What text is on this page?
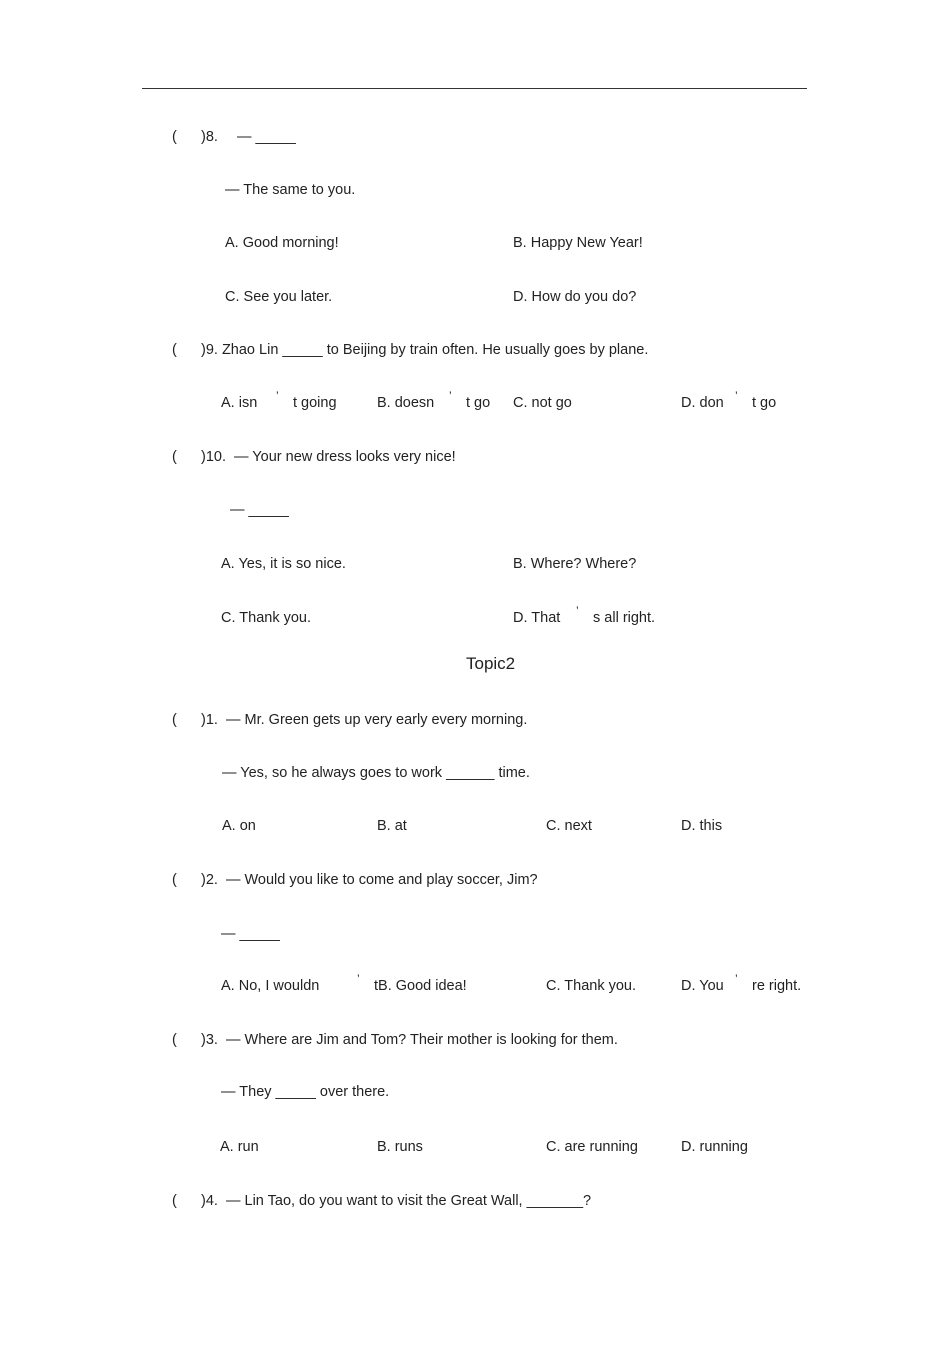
( )8. — _____
— The same to you.
A. Good morning!	B. Happy New Year!
C. See you later.	D. How do you do?
( )9. Zhao Lin _____ to Beijing by train often. He usually goes by plane.
A. isn ’ t going	B. doesn ’ t go C. not go	D. don ’ t go
( )10.  — Your new dress looks very nice!
— _____
A. Yes, it is so nice.	B. Where? Where?
C. Thank you.	D. That ’ s all right.
Topic2
( )1.  — Mr. Green gets up very early every morning.
— Yes, so he always goes to work ______ time.
A. on	B. at	C. next	D. this
( )2.  — Would you like to come and play soccer, Jim?
— _____
A. No, I wouldn	’ tB. Good idea!	C. Thank you.	D. You ’ re right.
( )3.  — Where are Jim and Tom? Their mother is looking for them.
— They _____ over there.
A. run	B. runs	C. are running	D. running
( )4.  — Lin Tao, do you want to visit the Great Wall, _______?
